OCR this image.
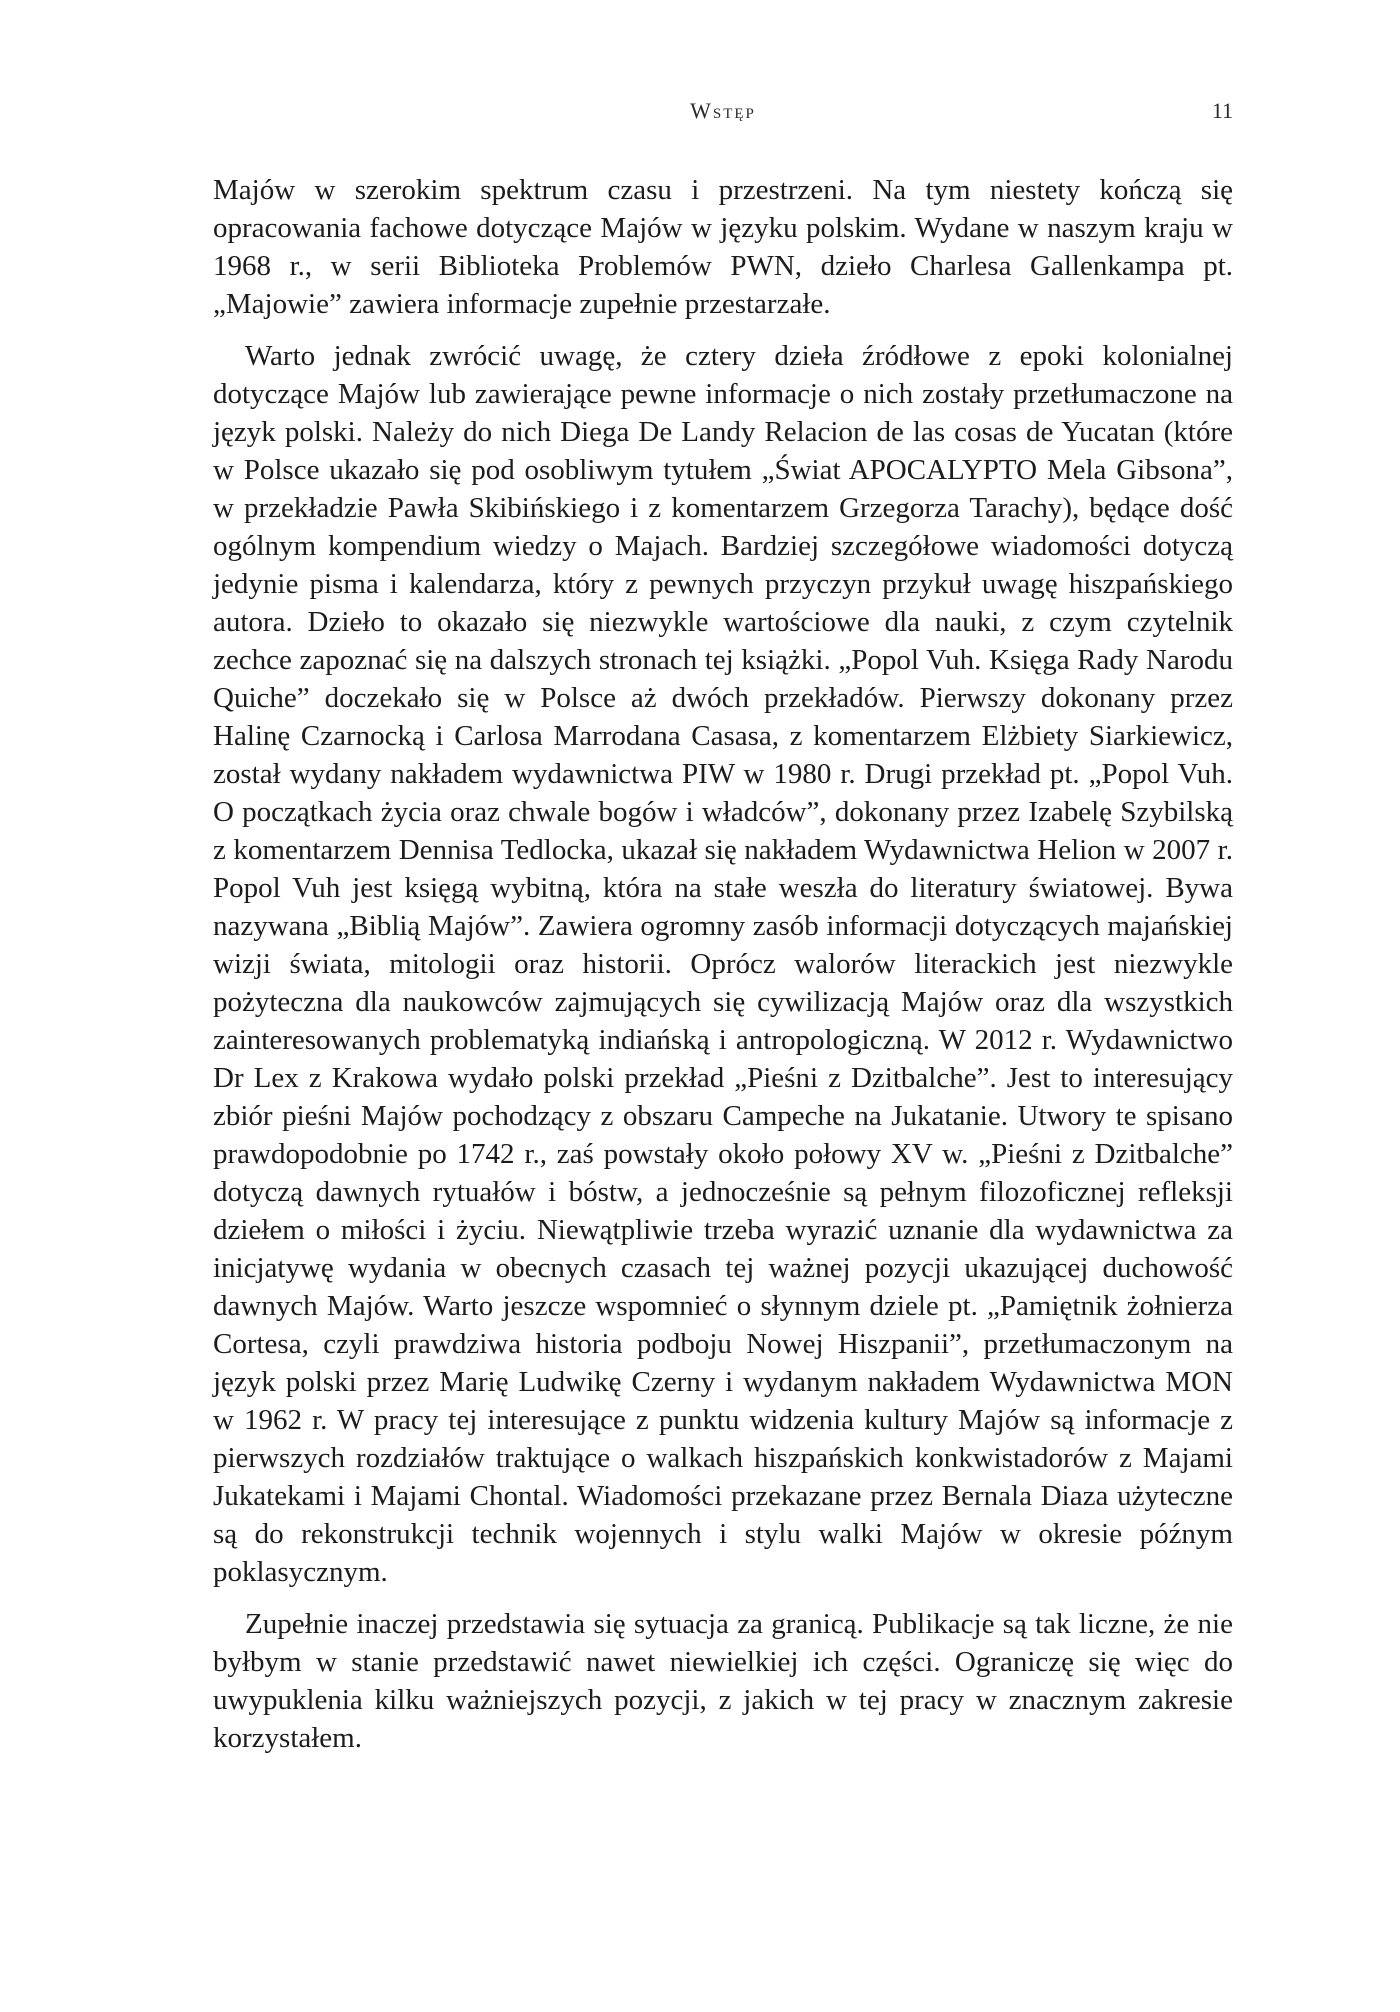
Wstęp	11

Majów w szerokim spektrum czasu i przestrzeni. Na tym niestety kończą się opracowania fachowe dotyczące Majów w języku polskim. Wydane w naszym kraju w 1968 r., w serii Biblioteka Problemów PWN, dzieło Charlesa Gallenkampa pt. „Majowie” zawiera informacje zupełnie przestarzałe.

Warto jednak zwrócić uwagę, że cztery dzieła źródłowe z epoki kolonialnej dotyczące Majów lub zawierające pewne informacje o nich zostały przetłumaczone na język polski. Należy do nich Diega De Landy Relacion de las cosas de Yucatan (które w Polsce ukazało się pod osobliwym tytułem „Świat APOCALYPTO Mela Gibsona”, w przekładzie Pawła Skibińskiego i z komentarzem Grzegorza Tarachy), będące dość ogólnym kompendium wiedzy o Majach. Bardziej szczegółowe wiadomości dotyczą jedynie pisma i kalendarza, który z pewnych przyczyn przykuł uwagę hiszpańskiego autora. Dzieło to okazało się niezwykle wartościowe dla nauki, z czym czytelnik zechce zapoznać się na dalszych stronach tej książki. „Popol Vuh. Księga Rady Narodu Quiche” doczekało się w Polsce aż dwóch przekładów. Pierwszy dokonany przez Halinę Czarnocką i Carlosa Marrodana Casasa, z komentarzem Elżbiety Siarkiewicz, został wydany nakładem wydawnictwa PIW w 1980 r. Drugi przekład pt. „Popol Vuh. O początkach życia oraz chwale bogów i władców”, dokonany przez Izabelę Szybilską z komentarzem Dennisa Tedlocka, ukazał się nakładem Wydawnictwa Helion w 2007 r. Popol Vuh jest księgą wybitną, która na stałe weszła do literatury światowej. Bywa nazywana „Biblią Majów”. Zawiera ogromny zasób informacji dotyczących majańskiej wizji świata, mitologii oraz historii. Oprócz walorów literackich jest niezwykle pożyteczna dla naukowców zajmujących się cywilizacją Majów oraz dla wszystkich zainteresowanych problematyką indiańską i antropologiczną. W 2012 r. Wydawnictwo Dr Lex z Krakowa wydało polski przekład „Pieśni z Dzitbalche”. Jest to interesujący zbiór pieśni Majów pochodzący z obszaru Campeche na Jukatanie. Utwory te spisano prawdopodobnie po 1742 r., zaś powstały około połowy XV w. „Pieśni z Dzitbalche” dotyczą dawnych rytuałów i bóstw, a jednocześnie są pełnym filozoficznej refleksji dziełem o miłości i życiu. Niewątpliwie trzeba wyrazić uznanie dla wydawnictwa za inicjatywę wydania w obecnych czasach tej ważnej pozycji ukazującej duchowość dawnych Majów. Warto jeszcze wspomnieć o słynnym dziele pt. „Pamiętnik żołnierza Cortesa, czyli prawdziwa historia podboju Nowej Hiszpanii”, przetłumaczonym na język polski przez Marię Ludwikę Czerny i wydanym nakładem Wydawnictwa MON w 1962 r. W pracy tej interesujące z punktu widzenia kultury Majów są informacje z pierwszych rozdziałów traktujące o walkach hiszpańskich konkwistadorów z Majami Jukatekami i Majami Chontal. Wiadomości przekazane przez Bernala Diaza użyteczne są do rekonstrukcji technik wojennych i stylu walki Majów w okresie późnym poklasycznym.

Zupełnie inaczej przedstawia się sytuacja za granicą. Publikacje są tak liczne, że nie byłbym w stanie przedstawić nawet niewielkiej ich części. Ograniczę się więc do uwypuklenia kilku ważniejszych pozycji, z jakich w tej pracy w znacznym zakresie korzystałem.
